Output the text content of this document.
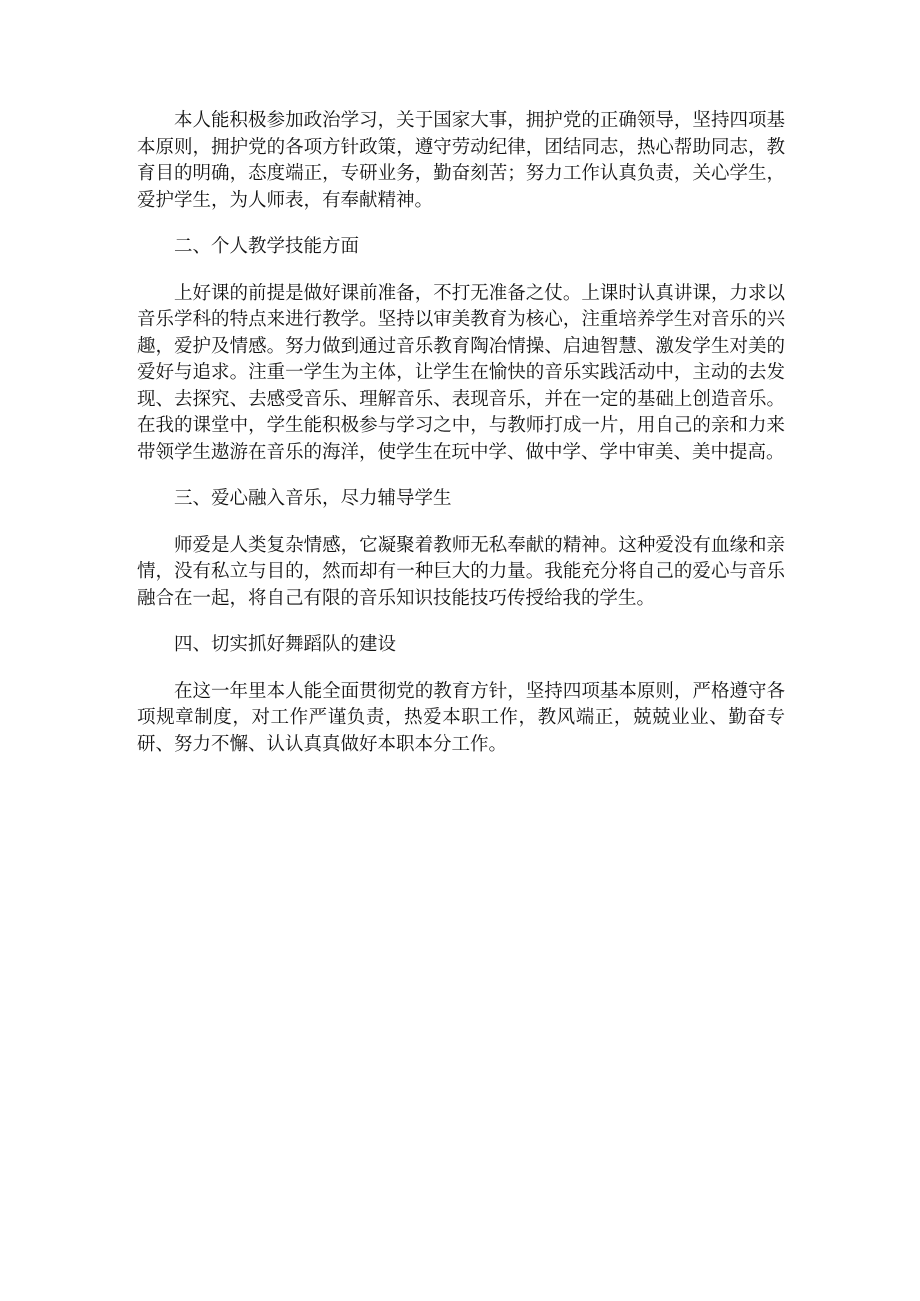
本人能积极参加政治学习，关于国家大事，拥护党的正确领导，坚持四项基本原则，拥护党的各项方针政策，遵守劳动纪律，团结同志，热心帮助同志，教育目的明确，态度端正，专研业务，勤奋刻苦；努力工作认真负责，关心学生，爱护学生，为人师表，有奉献精神。

二、个人教学技能方面

上好课的前提是做好课前准备，不打无准备之仗。上课时认真讲课，力求以音乐学科的特点来进行教学。坚持以审美教育为核心，注重培养学生对音乐的兴趣，爱护及情感。努力做到通过音乐教育陶冶情操、启迪智慧、激发学生对美的爱好与追求。注重一学生为主体，让学生在愉快的音乐实践活动中，主动的去发现、去探究、去感受音乐、理解音乐、表现音乐，并在一定的基础上创造音乐。在我的课堂中，学生能积极参与学习之中，与教师打成一片，用自己的亲和力来带领学生遨游在音乐的海洋，使学生在玩中学、做中学、学中审美、美中提高。

三、爱心融入音乐，尽力辅导学生

师爱是人类复杂情感，它凝聚着教师无私奉献的精神。这种爱没有血缘和亲情，没有私立与目的，然而却有一种巨大的力量。我能充分将自己的爱心与音乐融合在一起，将自己有限的音乐知识技能技巧传授给我的学生。

四、切实抓好舞蹈队的建设

在这一年里本人能全面贯彻党的教育方针，坚持四项基本原则，严格遵守各项规章制度，对工作严谨负责，热爱本职工作，教风端正，兢兢业业、勤奋专研、努力不懈、认认真真做好本职本分工作。
